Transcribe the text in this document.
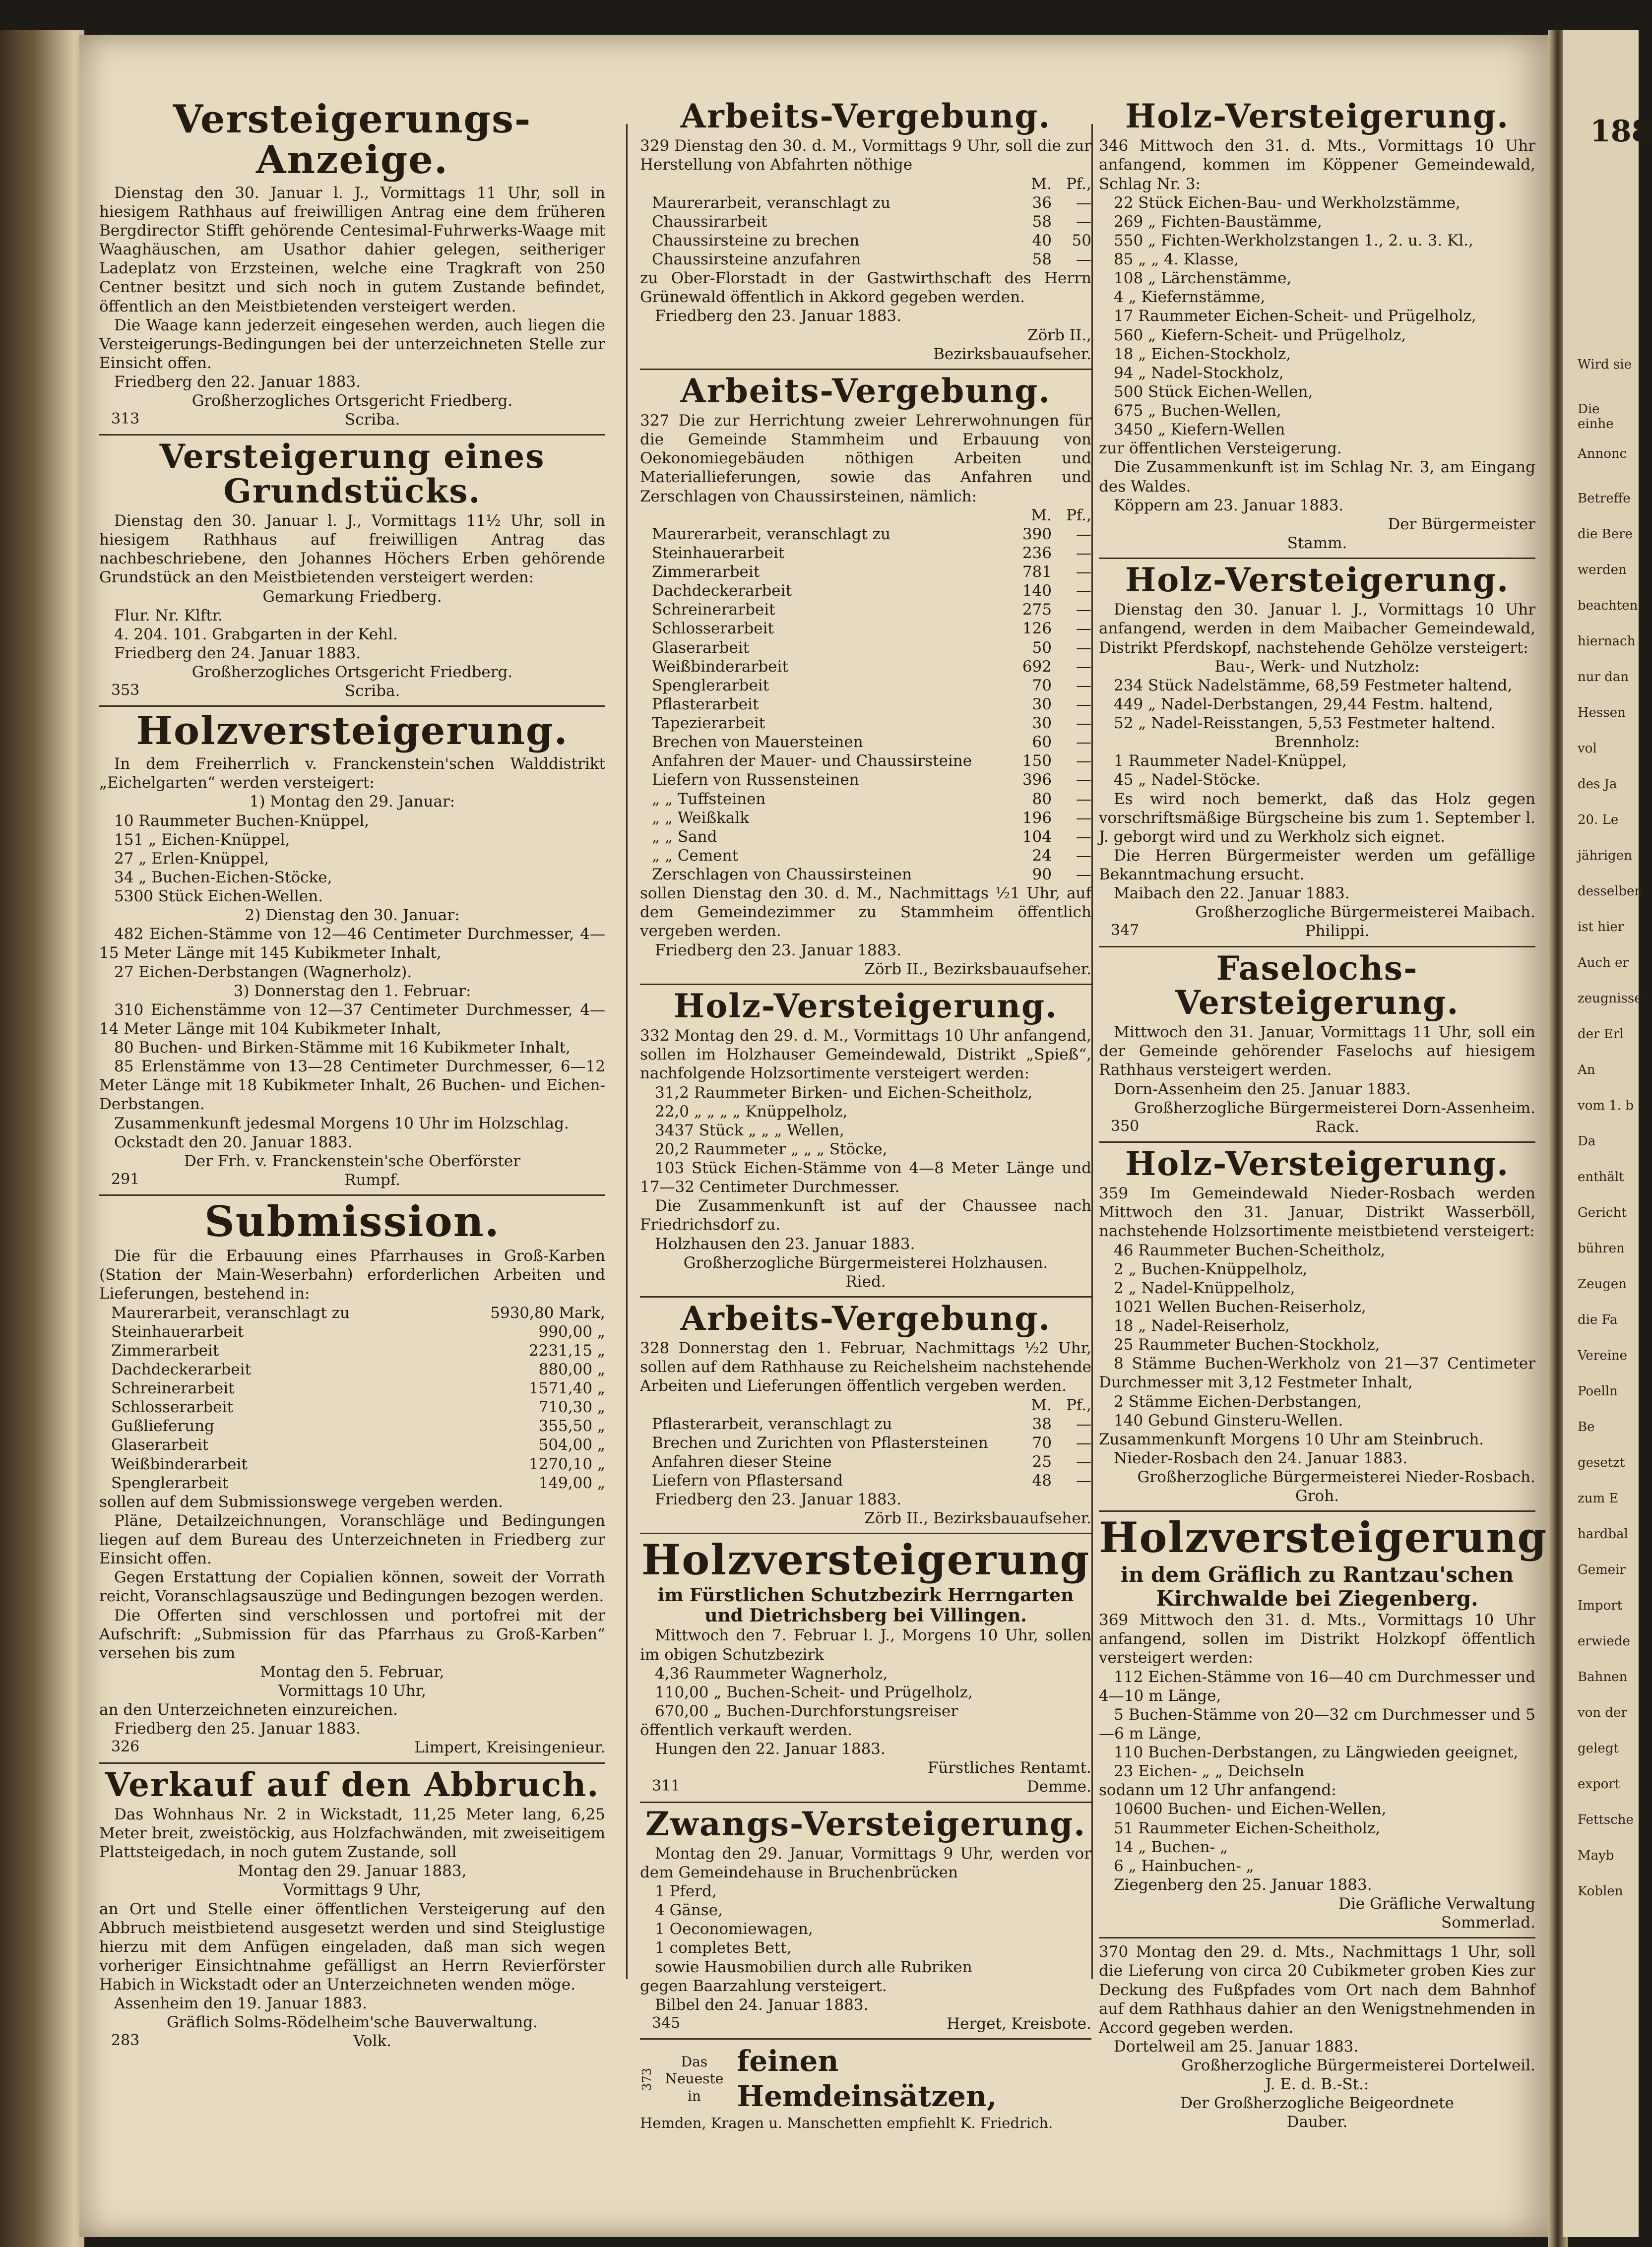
Versteigerungs-Anzeige.

Dienstag den 30. Januar l. J., Vormittags 11 Uhr, soll in hiesigem Rathhaus auf freiwilligen Antrag eine dem früheren Bergdirector Stifft gehörende Centesimal-Fuhrwerks-Waage mit Waaghäuschen, am Usathor dahier gelegen, seitheriger Ladeplatz von Erzsteinen, welche eine Tragkraft von 250 Centner besitzt und sich noch in gutem Zustande befindet, öffentlich an den Meistbietenden versteigert werden.

Die Waage kann jederzeit eingesehen werden, auch liegen die Versteigerungs-Bedingungen bei der unterzeichneten Stelle zur Einsicht offen.

Friedberg den 22. Januar 1883.

Großherzogliches Ortsgericht Friedberg.

313	Scriba.
Versteigerung eines Grundstücks.

Dienstag den 30. Januar l. J., Vormittags 11½ Uhr, soll in hiesigem Rathhaus auf freiwilligen Antrag das nachbeschriebene, den Johannes Höchers Erben gehörende Grundstück an den Meistbietenden versteigert werden:

Gemarkung Friedberg.

Flur. Nr. Klftr.

4. 204. 101. Grabgarten in der Kehl.

Friedberg den 24. Januar 1883.

Großherzogliches Ortsgericht Friedberg.

353	Scriba.
Holzversteigerung.

In dem Freiherrlich v. Franckenstein'schen Walddistrikt „Eichelgarten“ werden versteigert:

1) Montag den 29. Januar:

10 Raummeter Buchen-Knüppel,

151 „ Eichen-Knüppel,

27 „ Erlen-Knüppel,

34 „ Buchen-Eichen-Stöcke,

5300 Stück Eichen-Wellen.

2) Dienstag den 30. Januar:

482 Eichen-Stämme von 12—46 Centimeter Durchmesser, 4—15 Meter Länge mit 145 Kubikmeter Inhalt,

27 Eichen-Derbstangen (Wagnerholz).

3) Donnerstag den 1. Februar:

310 Eichenstämme von 12—37 Centimeter Durchmesser, 4—14 Meter Länge mit 104 Kubikmeter Inhalt,

80 Buchen- und Birken-Stämme mit 16 Kubikmeter Inhalt,

85 Erlenstämme von 13—28 Centimeter Durchmesser, 6—12 Meter Länge mit 18 Kubikmeter Inhalt, 26 Buchen- und Eichen-Derbstangen.

Zusammenkunft jedesmal Morgens 10 Uhr im Holzschlag.

Ockstadt den 20. Januar 1883.

Der Frh. v. Franckenstein'sche Oberförster

291	Rumpf.
Submission.

Die für die Erbauung eines Pfarrhauses in Groß-Karben (Station der Main-Weserbahn) erforderlichen Arbeiten und Lieferungen, bestehend in:

Maurerarbeit, veranschlagt zu	5930,80 Mark,
Steinhauerarbeit	990,00 „
Zimmerarbeit	2231,15 „
Dachdeckerarbeit	880,00 „
Schreinerarbeit	1571,40 „
Schlosserarbeit	710,30 „
Gußlieferung	355,50 „
Glaserarbeit	504,00 „
Weißbinderarbeit	1270,10 „
Spenglerarbeit	149,00 „

sollen auf dem Submissionswege vergeben werden.

Pläne, Detailzeichnungen, Voranschläge und Bedingungen liegen auf dem Bureau des Unterzeichneten in Friedberg zur Einsicht offen.

Gegen Erstattung der Copialien können, soweit der Vorrath reicht, Voranschlagsauszüge und Bedingungen bezogen werden.

Die Offerten sind verschlossen und portofrei mit der Aufschrift: „Submission für das Pfarrhaus zu Groß-Karben“ versehen bis zum

Montag den 5. Februar,

Vormittags 10 Uhr,

an den Unterzeichneten einzureichen.

Friedberg den 25. Januar 1883.

326	Limpert, Kreisingenieur.
Verkauf auf den Abbruch.

Das Wohnhaus Nr. 2 in Wickstadt, 11,25 Meter lang, 6,25 Meter breit, zweistöckig, aus Holzfachwänden, mit zweiseitigem Plattsteigedach, in noch gutem Zustande, soll

Montag den 29. Januar 1883,

Vormittags 9 Uhr,

an Ort und Stelle einer öffentlichen Versteigerung auf den Abbruch meistbietend ausgesetzt werden und sind Steiglustige hierzu mit dem Anfügen eingeladen, daß man sich wegen vorheriger Einsichtnahme gefälligst an Herrn Revierförster Habich in Wickstadt oder an Unterzeichneten wenden möge.

Assenheim den 19. Januar 1883.

Gräflich Solms-Rödelheim'sche Bauverwaltung.

283	Volk.
Arbeits-Vergebung.

329 Dienstag den 30. d. M., Vormittags 9 Uhr, soll die zur Herstellung von Abfahrten nöthige

M. Pf.,
Maurerarbeit, veranschlagt zu	36	—
Chaussirarbeit	58	—
Chaussirsteine zu brechen	40	50
Chaussirsteine anzufahren	58	—

zu Ober-Florstadt in der Gastwirthschaft des Herrn Grünewald öffentlich in Akkord gegeben werden.

Friedberg den 23. Januar 1883.

Zörb II.,

Bezirksbauaufseher.

Arbeits-Vergebung.

327 Die zur Herrichtung zweier Lehrerwohnungen für die Gemeinde Stammheim und Erbauung von Oekonomiegebäuden nöthigen Arbeiten und Materiallieferungen, sowie das Anfahren und Zerschlagen von Chaussirsteinen, nämlich:

M. Pf.,
Maurerarbeit, veranschlagt zu	390	—
Steinhauerarbeit	236	—
Zimmerarbeit	781	—
Dachdeckerarbeit	140	—
Schreinerarbeit	275	—
Schlosserarbeit	126	—
Glaserarbeit	50	—
Weißbinderarbeit	692	—
Spenglerarbeit	70	—
Pflasterarbeit	30	—
Tapezierarbeit	30	—
Brechen von Mauersteinen	60	—
Anfahren der Mauer- und Chaussirsteine	150	—
Liefern von Russensteinen	396	—
„ „ Tuffsteinen	80	—
„ „ Weißkalk	196	—
„ „ Sand	104	—
„ „ Cement	24	—
Zerschlagen von Chaussirsteinen	90	—

sollen Dienstag den 30. d. M., Nachmittags ½1 Uhr, auf dem Gemeindezimmer zu Stammheim öffentlich vergeben werden.

Friedberg den 23. Januar 1883.

Zörb II., Bezirksbauaufseher.

Holz-Versteigerung.

332 Montag den 29. d. M., Vormittags 10 Uhr anfangend, sollen im Holzhauser Gemeindewald, Distrikt „Spieß“, nachfolgende Holzsortimente versteigert werden:

31,2 Raummeter Birken- und Eichen-Scheitholz,

22,0 „ „ „ „ Knüppelholz,

3437 Stück „ „ „ Wellen,

20,2 Raummeter „ „ „ Stöcke,

103 Stück Eichen-Stämme von 4—8 Meter Länge und 17—32 Centimeter Durchmesser.

Die Zusammenkunft ist auf der Chaussee nach Friedrichsdorf zu.

Holzhausen den 23. Januar 1883.

Großherzogliche Bürgermeisterei Holzhausen.

Ried.

Arbeits-Vergebung.

328 Donnerstag den 1. Februar, Nachmittags ½2 Uhr, sollen auf dem Rathhause zu Reichelsheim nachstehende Arbeiten und Lieferungen öffentlich vergeben werden.

M. Pf.,
Pflasterarbeit, veranschlagt zu	38	—
Brechen und Zurichten von Pflastersteinen	70	—
Anfahren dieser Steine	25	—
Liefern von Pflastersand	48	—

Friedberg den 23. Januar 1883.

Zörb II., Bezirksbauaufseher.

Holzversteigerung
im Fürstlichen Schutzbezirk Herrngarten und Dietrichsberg bei Villingen.

Mittwoch den 7. Februar l. J., Morgens 10 Uhr, sollen im obigen Schutzbezirk

4,36 Raummeter Wagnerholz,

110,00 „ Buchen-Scheit- und Prügelholz,

670,00 „ Buchen-Durchforstungsreiser

öffentlich verkauft werden.

Hungen den 22. Januar 1883.

Fürstliches Rentamt.

311	Demme.
Zwangs-Versteigerung.

Montag den 29. Januar, Vormittags 9 Uhr, werden vor dem Gemeindehause in Bruchenbrücken

1 Pferd,

4 Gänse,

1 Oeconomiewagen,

1 completes Bett,

sowie Hausmobilien durch alle Rubriken

gegen Baarzahlung versteigert.

Bilbel den 24. Januar 1883.

345	Herget, Kreisbote.
373
Das
Neueste in
feinen Hemdeinsätzen,

Hemden, Kragen u. Manschetten empfiehlt K. Friedrich.

Holz-Versteigerung.

346 Mittwoch den 31. d. Mts., Vormittags 10 Uhr anfangend, kommen im Köppener Gemeindewald, Schlag Nr. 3:

22 Stück Eichen-Bau- und Werkholzstämme,

269 „ Fichten-Baustämme,

550 „ Fichten-Werkholzstangen 1., 2. u. 3. Kl.,

85 „ „ 4. Klasse,

108 „ Lärchenstämme,

4 „ Kiefernstämme,

17 Raummeter Eichen-Scheit- und Prügelholz,

560 „ Kiefern-Scheit- und Prügelholz,

18 „ Eichen-Stockholz,

94 „ Nadel-Stockholz,

500 Stück Eichen-Wellen,

675 „ Buchen-Wellen,

3450 „ Kiefern-Wellen

zur öffentlichen Versteigerung.

Die Zusammenkunft ist im Schlag Nr. 3, am Eingang des Waldes.

Köppern am 23. Januar 1883.

Der Bürgermeister

Stamm.

Holz-Versteigerung.

Dienstag den 30. Januar l. J., Vormittags 10 Uhr anfangend, werden in dem Maibacher Gemeindewald, Distrikt Pferdskopf, nachstehende Gehölze versteigert:

Bau-, Werk- und Nutzholz:

234 Stück Nadelstämme, 68,59 Festmeter haltend,

449 „ Nadel-Derbstangen, 29,44 Festm. haltend,

52 „ Nadel-Reisstangen, 5,53 Festmeter haltend.

Brennholz:

1 Raummeter Nadel-Knüppel,

45 „ Nadel-Stöcke.

Es wird noch bemerkt, daß das Holz gegen vorschriftsmäßige Bürgscheine bis zum 1. September l. J. geborgt wird und zu Werkholz sich eignet.

Die Herren Bürgermeister werden um gefällige Bekanntmachung ersucht.

Maibach den 22. Januar 1883.

Großherzogliche Bürgermeisterei Maibach.

347	Philippi.
Faselochs-Versteigerung.

Mittwoch den 31. Januar, Vormittags 11 Uhr, soll ein der Gemeinde gehörender Faselochs auf hiesigem Rathhaus versteigert werden.

Dorn-Assenheim den 25. Januar 1883.

Großherzogliche Bürgermeisterei Dorn-Assenheim.

350	Rack.
Holz-Versteigerung.

359 Im Gemeindewald Nieder-Rosbach werden Mittwoch den 31. Januar, Distrikt Wasserböll, nachstehende Holzsortimente meistbietend versteigert:

46 Raummeter Buchen-Scheitholz,

2 „ Buchen-Knüppelholz,

2 „ Nadel-Knüppelholz,

1021 Wellen Buchen-Reiserholz,

18 „ Nadel-Reiserholz,

25 Raummeter Buchen-Stockholz,

8 Stämme Buchen-Werkholz von 21—37 Centimeter Durchmesser mit 3,12 Festmeter Inhalt,

2 Stämme Eichen-Derbstangen,

140 Gebund Ginsteru-Wellen.

Zusammenkunft Morgens 10 Uhr am Steinbruch.

Nieder-Rosbach den 24. Januar 1883.

Großherzogliche Bürgermeisterei Nieder-Rosbach.

Groh.

Holzversteigerung
in dem Gräflich zu Rantzau'schen Kirchwalde bei Ziegenberg.

369 Mittwoch den 31. d. Mts., Vormittags 10 Uhr anfangend, sollen im Distrikt Holzkopf öffentlich versteigert werden:

112 Eichen-Stämme von 16—40 cm Durchmesser und 4—10 m Länge,

5 Buchen-Stämme von 20—32 cm Durchmesser und 5—6 m Länge,

110 Buchen-Derbstangen, zu Längwieden geeignet,

23 Eichen- „ „ Deichseln

sodann um 12 Uhr anfangend:

10600 Buchen- und Eichen-Wellen,

51 Raummeter Eichen-Scheitholz,

14 „ Buchen- „

6 „ Hainbuchen- „

Ziegenberg den 25. Januar 1883.

Die Gräfliche Verwaltung

Sommerlad.

370 Montag den 29. d. Mts., Nachmittags 1 Uhr, soll die Lieferung von circa 20 Cubikmeter groben Kies zur Deckung des Fußpfades vom Ort nach dem Bahnhof auf dem Rathhaus dahier an den Wenigstnehmenden in Accord gegeben werden.

Dortelweil am 25. Januar 1883.

Großherzogliche Bürgermeisterei Dortelweil.

J. E. d. B.-St.:

Der Großherzogliche Beigeordnete

Dauber.

188
Wird sie
Die einhe
Annonc
Betreffe
die Bere
werden
beachten
hiernach
nur dan
Hessen
vol
des Ja
20. Le
jährigen
desselben
ist hier
Auch er
zeugnisse
der Erl
An
vom 1. b
Da
enthält
Gericht
bühren
Zeugen
die Fa
Vereine
Poelln
Be
gesetzt
zum E
hardbal
Gemeir
Import
erwiede
Bahnen
von der
gelegt
export
Fettsche
Mayb
Koblen
